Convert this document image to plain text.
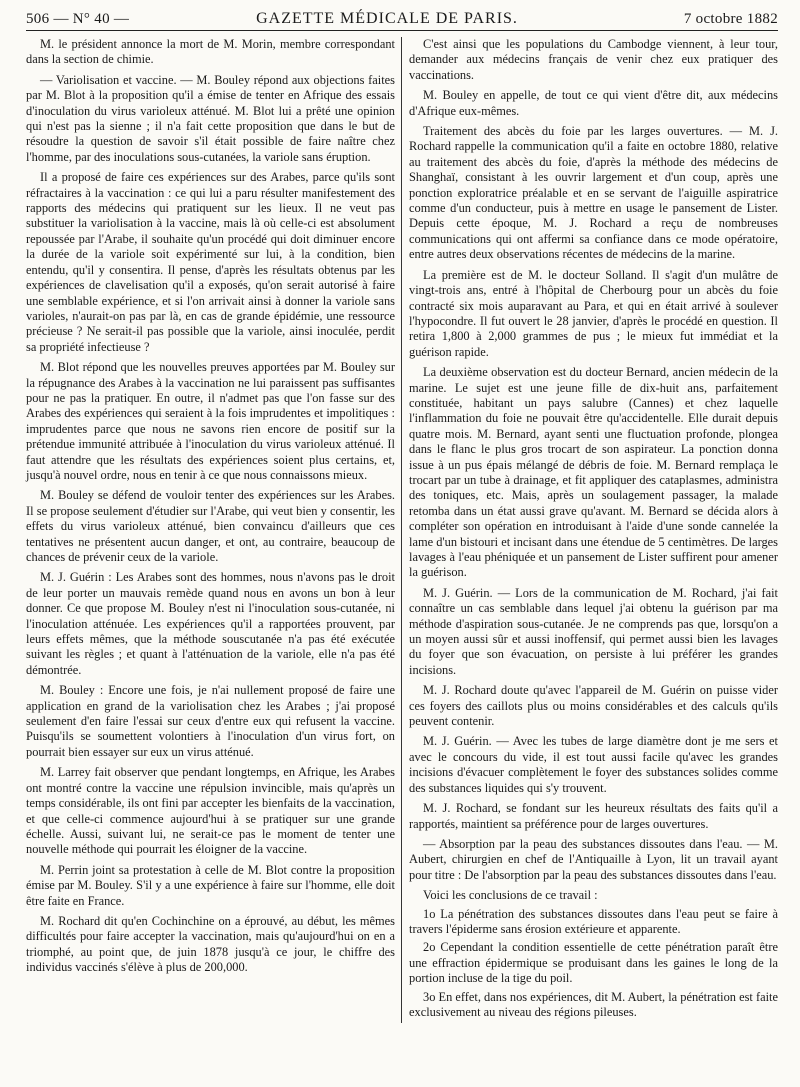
506 — N° 40 —	GAZETTE MÉDICALE DE PARIS.	7 octobre 1882

M. le président annonce la mort de M. Morin, membre correspondant dans la section de chimie.

— Variolisation et vaccine. — M. Bouley répond aux objections faites par M. Blot à la proposition qu'il a émise de tenter en Afrique des essais d'inoculation du virus varioleux atténué. M. Blot lui a prêté une opinion qui n'est pas la sienne ; il n'a fait cette proposition que dans le but de résoudre la question de savoir s'il était possible de faire naître chez l'homme, par des inoculations sous-cutanées, la variole sans éruption.

Il a proposé de faire ces expériences sur des Arabes, parce qu'ils sont réfractaires à la vaccination : ce qui lui a paru résulter manifestement des rapports des médecins qui pratiquent sur les lieux. Il ne veut pas substituer la variolisation à la vaccine, mais là où celle-ci est absolument repoussée par l'Arabe, il souhaite qu'un procédé qui doit diminuer encore la durée de la variole soit expérimenté sur lui, à la condition, bien entendu, qu'il y consentira. Il pense, d'après les résultats obtenus par les expériences de clavelisation qu'il a exposés, qu'on serait autorisé à faire une semblable expérience, et si l'on arrivait ainsi à donner la variole sans varioles, n'aurait-on pas par là, en cas de grande épidémie, une ressource précieuse ? Ne serait-il pas possible que la variole, ainsi inoculée, perdit sa propriété infectieuse ?

M. Blot répond que les nouvelles preuves apportées par M. Bouley sur la répugnance des Arabes à la vaccination ne lui paraissent pas suffisantes pour ne pas la pratiquer. En outre, il n'admet pas que l'on fasse sur des Arabes des expériences qui seraient à la fois imprudentes et impolitiques : imprudentes parce que nous ne savons rien encore de positif sur la prétendue immunité attribuée à l'inoculation du virus varioleux atténué. Il faut attendre que les résultats des expériences soient plus certains, et, jusqu'à nouvel ordre, nous en tenir à ce que nous connaissons mieux.

M. Bouley se défend de vouloir tenter des expériences sur les Arabes. Il se propose seulement d'étudier sur l'Arabe, qui veut bien y consentir, les effets du virus varioleux atténué, bien convaincu d'ailleurs que ces tentatives ne présentent aucun danger, et ont, au contraire, beaucoup de chances de prévenir ceux de la variole.

M. J. Guérin : Les Arabes sont des hommes, nous n'avons pas le droit de leur porter un mauvais remède quand nous en avons un bon à leur donner. Ce que propose M. Bouley n'est ni l'inoculation sous-cutanée, ni l'inoculation atténuée. Les expériences qu'il a rapportées prouvent, par leurs effets mêmes, que la méthode souscutanée n'a pas été exécutée suivant les règles ; et quant à l'atténuation de la variole, elle n'a pas été démontrée.

M. Bouley : Encore une fois, je n'ai nullement proposé de faire une application en grand de la variolisation chez les Arabes ; j'ai proposé seulement d'en faire l'essai sur ceux d'entre eux qui refusent la vaccine. Puisqu'ils se soumettent volontiers à l'inoculation d'un virus fort, on pourrait bien essayer sur eux un virus atténué.

M. Larrey fait observer que pendant longtemps, en Afrique, les Arabes ont montré contre la vaccine une répulsion invincible, mais qu'après un temps considérable, ils ont fini par accepter les bienfaits de la vaccination, et que celle-ci commence aujourd'hui à se pratiquer sur une grande échelle. Aussi, suivant lui, ne serait-ce pas le moment de tenter une nouvelle méthode qui pourrait les éloigner de la vaccine.

M. Perrin joint sa protestation à celle de M. Blot contre la proposition émise par M. Bouley. S'il y a une expérience à faire sur l'homme, elle doit être faite en France.

M. Rochard dit qu'en Cochinchine on a éprouvé, au début, les mêmes difficultés pour faire accepter la vaccination, mais qu'aujourd'hui on en a triomphé, au point que, de juin 1878 jusqu'à ce jour, le chiffre des individus vaccinés s'élève à plus de 200,000.

C'est ainsi que les populations du Cambodge viennent, à leur tour, demander aux médecins français de venir chez eux pratiquer des vaccinations.

M. Bouley en appelle, de tout ce qui vient d'être dit, aux médecins d'Afrique eux-mêmes.

Traitement des abcès du foie par les larges ouvertures. — M. J. Rochard rappelle la communication qu'il a faite en octobre 1880, relative au traitement des abcès du foie, d'après la méthode des médecins de Shanghaï, consistant à les ouvrir largement et d'un coup, après une ponction exploratrice préalable et en se servant de l'aiguille aspiratrice comme d'un conducteur, puis à mettre en usage le pansement de Lister. Depuis cette époque, M. J. Rochard a reçu de nombreuses communications qui ont affermi sa confiance dans ce mode opératoire, entre autres deux observations récentes de médecins de la marine.

La première est de M. le docteur Solland. Il s'agit d'un mulâtre de vingt-trois ans, entré à l'hôpital de Cherbourg pour un abcès du foie contracté six mois auparavant au Para, et qui en était arrivé à soulever l'hypocondre. Il fut ouvert le 28 janvier, d'après le procédé en question. Il retira 1,800 à 2,000 grammes de pus ; le mieux fut immédiat et la guérison rapide.

La deuxième observation est du docteur Bernard, ancien médecin de la marine. Le sujet est une jeune fille de dix-huit ans, parfaitement constituée, habitant un pays salubre (Cannes) et chez laquelle l'inflammation du foie ne pouvait être qu'accidentelle. Elle durait depuis quatre mois. M. Bernard, ayant senti une fluctuation profonde, plongea dans le flanc le plus gros trocart de son aspirateur. La ponction donna issue à un pus épais mélangé de débris de foie. M. Bernard remplaça le trocart par un tube à drainage, et fit appliquer des cataplasmes, administra des toniques, etc. Mais, après un soulagement passager, la malade retomba dans un état aussi grave qu'avant. M. Bernard se décida alors à compléter son opération en introduisant à l'aide d'une sonde cannelée la lame d'un bistouri et incisant dans une étendue de 5 centimètres. De larges lavages à l'eau phéniquée et un pansement de Lister suffirent pour amener la guérison.

M. J. Guérin. — Lors de la communication de M. Rochard, j'ai fait connaître un cas semblable dans lequel j'ai obtenu la guérison par ma méthode d'aspiration sous-cutanée. Je ne comprends pas que, lorsqu'on a un moyen aussi sûr et aussi inoffensif, qui permet aussi bien les lavages du foyer que son évacuation, on persiste à lui préférer les grandes incisions.

M. J. Rochard doute qu'avec l'appareil de M. Guérin on puisse vider ces foyers des caillots plus ou moins considérables et des calculs qu'ils peuvent contenir.

M. J. Guérin. — Avec les tubes de large diamètre dont je me sers et avec le concours du vide, il est tout aussi facile qu'avec les grandes incisions d'évacuer complètement le foyer des substances solides comme des substances liquides qui s'y trouvent.

M. J. Rochard, se fondant sur les heureux résultats des faits qu'il a rapportés, maintient sa préférence pour de larges ouvertures.

— Absorption par la peau des substances dissoutes dans l'eau. — M. Aubert, chirurgien en chef de l'Antiquaille à Lyon, lit un travail ayant pour titre : De l'absorption par la peau des substances dissoutes dans l'eau.

Voici les conclusions de ce travail :

1o La pénétration des substances dissoutes dans l'eau peut se faire à travers l'épiderme sans érosion extérieure et apparente.

2o Cependant la condition essentielle de cette pénétration paraît être une effraction épidermique se produisant dans les gaines le long de la portion incluse de la tige du poil.

3o En effet, dans nos expériences, dit M. Aubert, la pénétration est faite exclusivement au niveau des régions pileuses.
